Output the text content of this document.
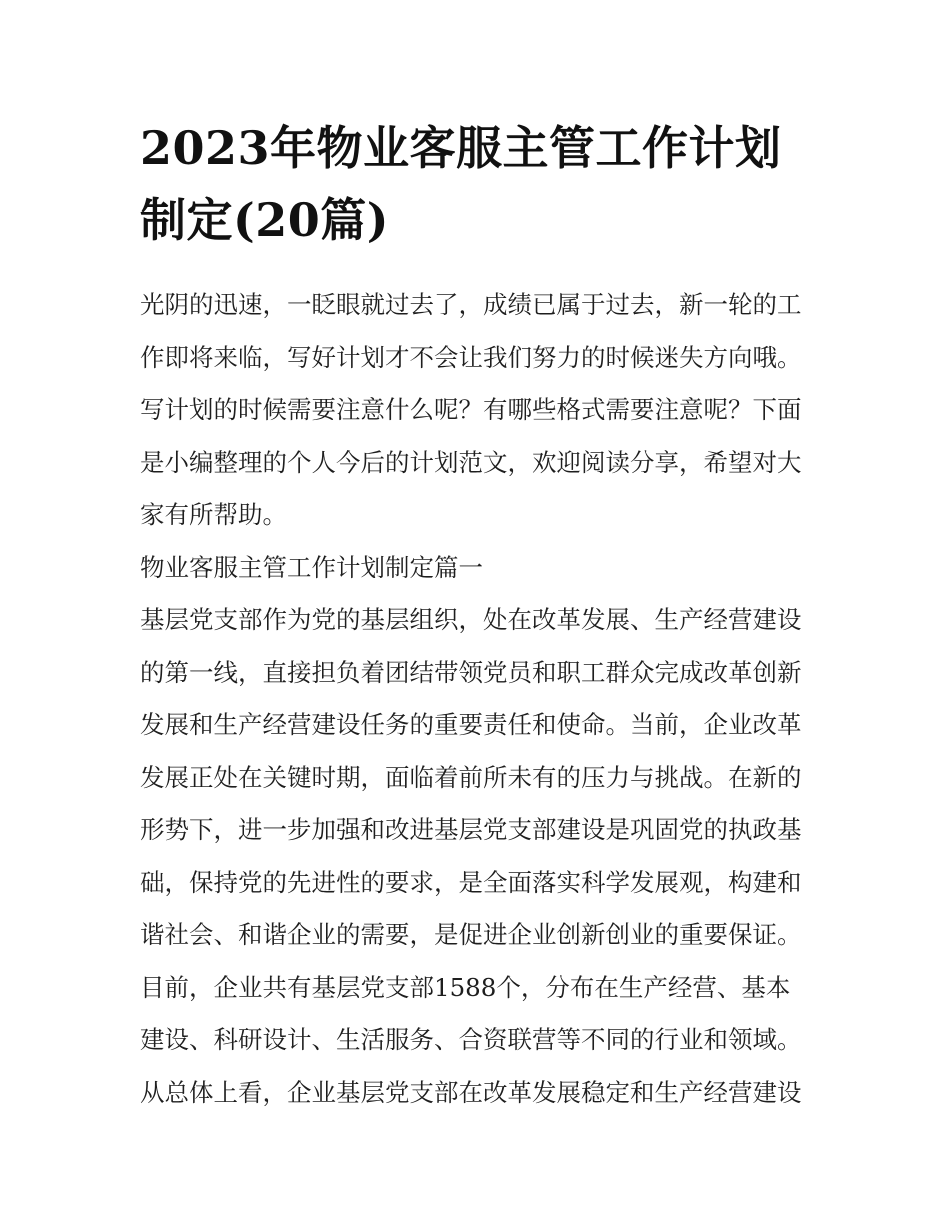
2023年物业客服主管工作计划
制定(20篇)
光阴的迅速，一眨眼就过去了，成绩已属于过去，新一轮的工
作即将来临，写好计划才不会让我们努力的时候迷失方向哦。
写计划的时候需要注意什么呢？有哪些格式需要注意呢？下面
是小编整理的个人今后的计划范文，欢迎阅读分享，希望对大
家有所帮助。
物业客服主管工作计划制定篇一
基层党支部作为党的基层组织，处在改革发展、生产经营建设
的第一线，直接担负着团结带领党员和职工群众完成改革创新
发展和生产经营建设任务的重要责任和使命。当前，企业改革
发展正处在关键时期，面临着前所未有的压力与挑战。在新的
形势下，进一步加强和改进基层党支部建设是巩固党的执政基
础，保持党的先进性的要求，是全面落实科学发展观，构建和
谐社会、和谐企业的需要，是促进企业创新创业的重要保证。
目前，企业共有基层党支部1588个，分布在生产经营、基本
建设、科研设计、生活服务、合资联营等不同的行业和领域。
从总体上看，企业基层党支部在改革发展稳定和生产经营建设
